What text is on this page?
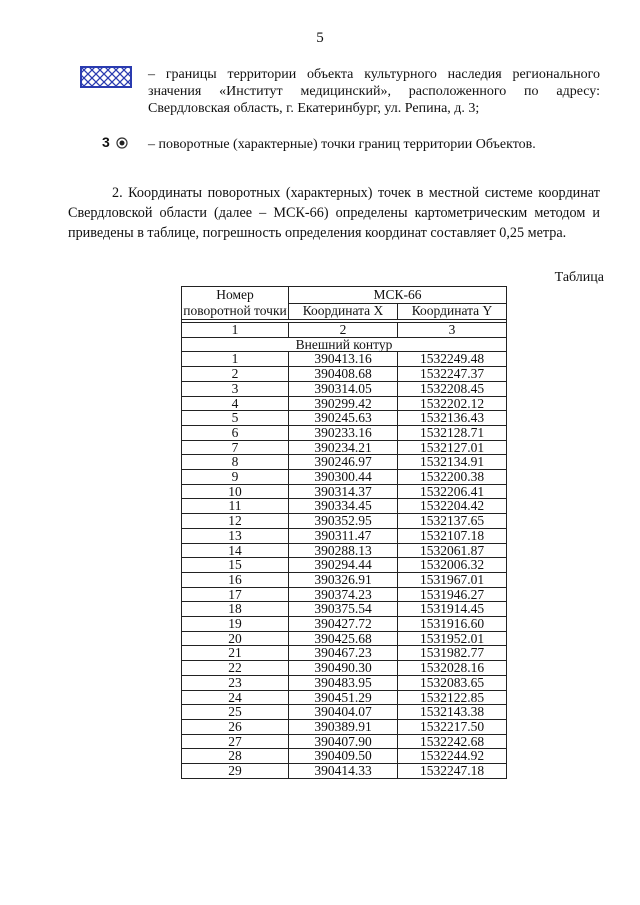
5
– границы территории объекта культурного наследия регионального значения «Институт медицинский», расположенного по адресу: Свердловская область, г. Екатеринбург, ул. Репина, д. 3;
3	– поворотные (характерные) точки границ территории Объектов.
2. Координаты поворотных (характерных) точек в местной системе координат Свердловской области (далее – МСК-66) определены картометрическим методом и приведены в таблице, погрешность определения координат составляет 0,25 метра.
Таблица
Номер поворотной точки	МСК-66	
	Координата X	Координата Y

1	2	3
Внешний контур		
1	390413.16	1532249.48
2	390408.68	1532247.37
3	390314.05	1532208.45
4	390299.42	1532202.12
5	390245.63	1532136.43
6	390233.16	1532128.71
7	390234.21	1532127.01
8	390246.97	1532134.91
9	390300.44	1532200.38
10	390314.37	1532206.41
11	390334.45	1532204.42
12	390352.95	1532137.65
13	390311.47	1532107.18
14	390288.13	1532061.87
15	390294.44	1532006.32
16	390326.91	1531967.01
17	390374.23	1531946.27
18	390375.54	1531914.45
19	390427.72	1531916.60
20	390425.68	1531952.01
21	390467.23	1531982.77
22	390490.30	1532028.16
23	390483.95	1532083.65
24	390451.29	1532122.85
25	390404.07	1532143.38
26	390389.91	1532217.50
27	390407.90	1532242.68
28	390409.50	1532244.92
29	390414.33	1532247.18
